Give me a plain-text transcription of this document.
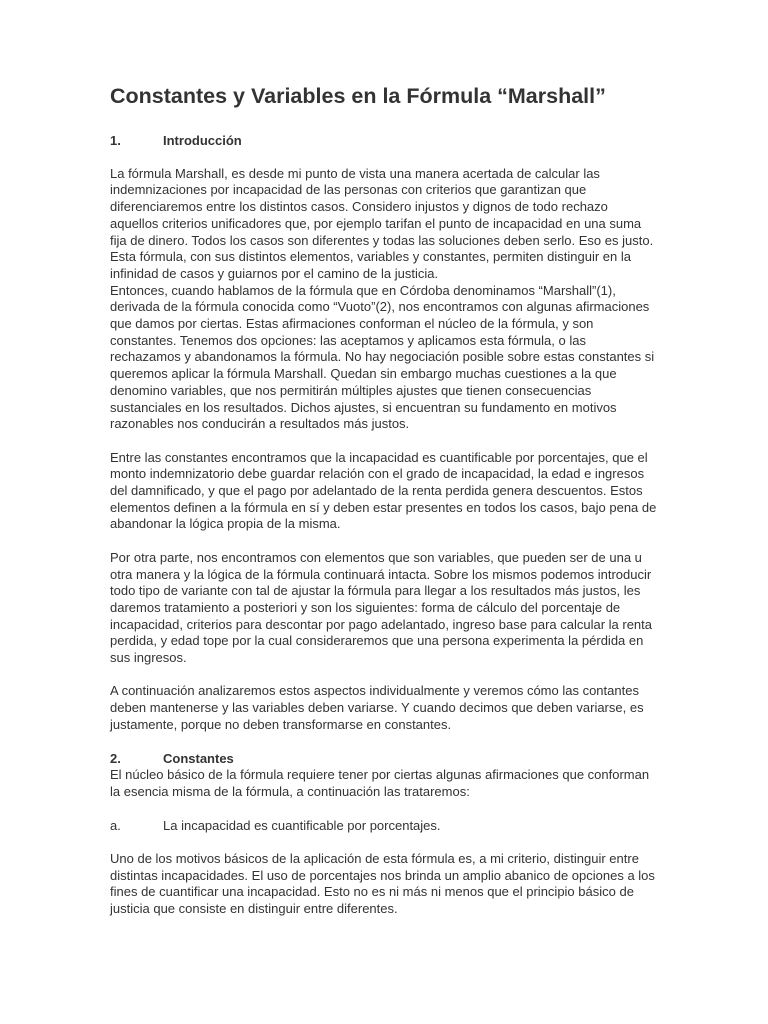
Constantes y Variables en la Fórmula “Marshall”
1.	Introducción

La fórmula Marshall, es desde mi punto de vista una manera acertada de calcular las indemnizaciones por incapacidad de las personas con criterios que garantizan que diferenciaremos entre los distintos casos. Considero injustos y dignos de todo rechazo aquellos criterios unificadores que, por ejemplo tarifan el punto de incapacidad en una suma fija de dinero. Todos los casos son diferentes y todas las soluciones deben serlo. Eso es justo.

Esta fórmula, con sus distintos elementos, variables y constantes, permiten distinguir en la infinidad de casos y guiarnos por el camino de la justicia.

Entonces, cuando hablamos de la fórmula que en Córdoba denominamos “Marshall”(1), derivada de la fórmula conocida como “Vuoto”(2), nos encontramos con algunas afirmaciones que damos por ciertas. Estas afirmaciones conforman el núcleo de la fórmula, y son constantes. Tenemos dos opciones: las aceptamos y aplicamos esta fórmula, o las rechazamos y abandonamos la fórmula. No hay negociación posible sobre estas constantes si queremos aplicar la fórmula Marshall. Quedan sin embargo muchas cuestiones a la que denomino variables, que nos permitirán múltiples ajustes que tienen consecuencias sustanciales en los resultados. Dichos ajustes, si encuentran su fundamento en motivos razonables nos conducirán a resultados más justos.

Entre las constantes encontramos que la incapacidad es cuantificable por porcentajes, que el monto indemnizatorio debe guardar relación con el grado de incapacidad, la edad e ingresos del damnificado, y que el pago por adelantado de la renta perdida genera descuentos. Estos elementos definen a la fórmula en sí y deben estar presentes en todos los casos, bajo pena de abandonar la lógica propia de la misma.

Por otra parte, nos encontramos con elementos que son variables, que pueden ser de una u otra manera y la lógica de la fórmula continuará intacta. Sobre los mismos podemos introducir todo tipo de variante con tal de ajustar la fórmula para llegar a los resultados más justos, les daremos tratamiento a posteriori y son los siguientes: forma de cálculo del porcentaje de incapacidad, criterios para descontar por pago adelantado, ingreso base para calcular la renta perdida, y edad tope por la cual consideraremos que una persona experimenta la pérdida en sus ingresos.

A continuación analizaremos estos aspectos individualmente y veremos cómo las contantes deben mantenerse y las variables deben variarse. Y cuando decimos que deben variarse, es justamente, porque no deben transformarse en constantes.

2.	Constantes

El núcleo básico de la fórmula requiere tener por ciertas algunas afirmaciones que conforman la esencia misma de la fórmula, a continuación las trataremos:

a.	La incapacidad es cuantificable por porcentajes.

Uno de los motivos básicos de la aplicación de esta fórmula es, a mi criterio, distinguir entre distintas incapacidades. El uso de porcentajes nos brinda un amplio abanico de opciones a los fines de cuantificar una incapacidad. Esto no es ni más ni menos que el principio básico de justicia que consiste en distinguir entre diferentes.
